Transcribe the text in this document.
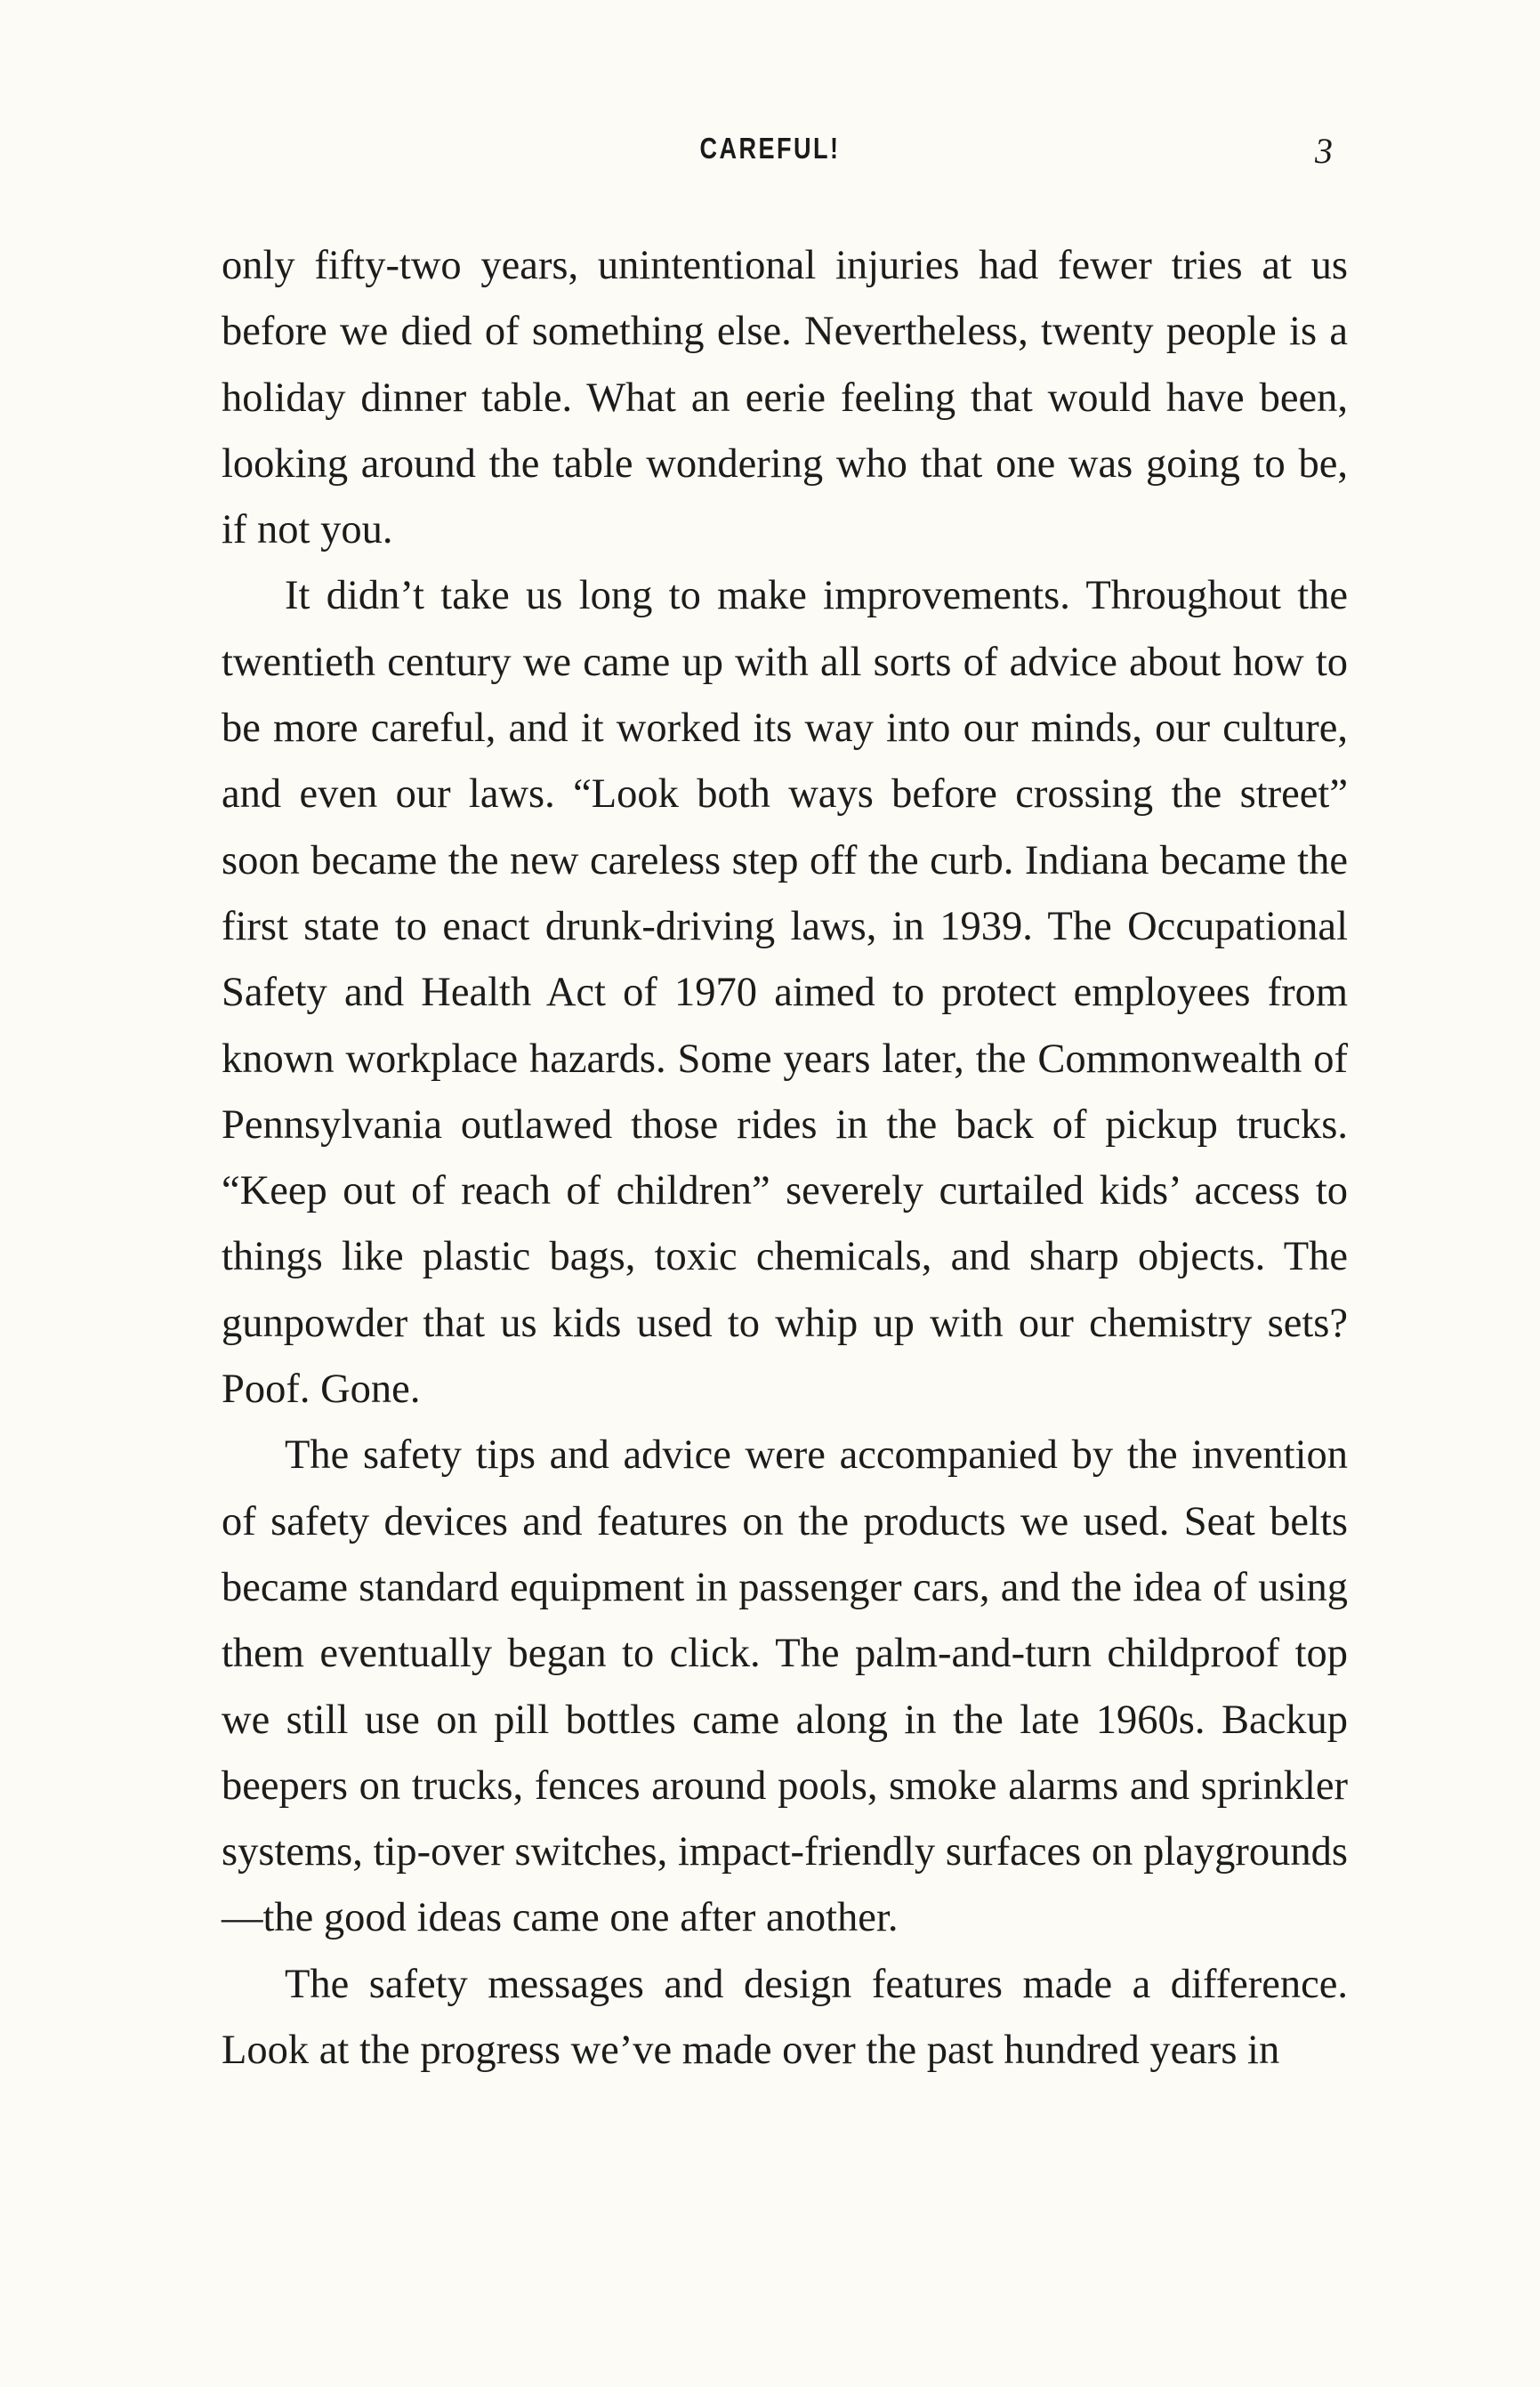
CAREFUL!	3

only fifty-two years, unintentional injuries had fewer tries at us before we died of something else. Nevertheless, twenty people is a holiday dinner table. What an eerie feeling that would have been, looking around the table wondering who that one was going to be, if not you.

It didn’t take us long to make improvements. Throughout the twentieth century we came up with all sorts of advice about how to be more careful, and it worked its way into our minds, our culture, and even our laws. “Look both ways before crossing the street” soon became the new careless step off the curb. Indiana became the first state to enact drunk-driving laws, in 1939. The Occupational Safety and Health Act of 1970 aimed to protect employees from known workplace hazards. Some years later, the Commonwealth of Pennsylvania outlawed those rides in the back of pickup trucks. “Keep out of reach of children” severely curtailed kids’ access to things like plastic bags, toxic chemicals, and sharp objects. The gunpowder that us kids used to whip up with our chemistry sets? Poof. Gone.

The safety tips and advice were accompanied by the invention of safety devices and features on the products we used. Seat belts became standard equipment in passenger cars, and the idea of using them eventually began to click. The palm-and-turn childproof top we still use on pill bottles came along in the late 1960s. Backup beepers on trucks, fences around pools, smoke alarms and sprinkler systems, tip-over switches, impact-friendly surfaces on playgrounds—the good ideas came one after another.

The safety messages and design features made a difference. Look at the progress we’ve made over the past hundred years in
